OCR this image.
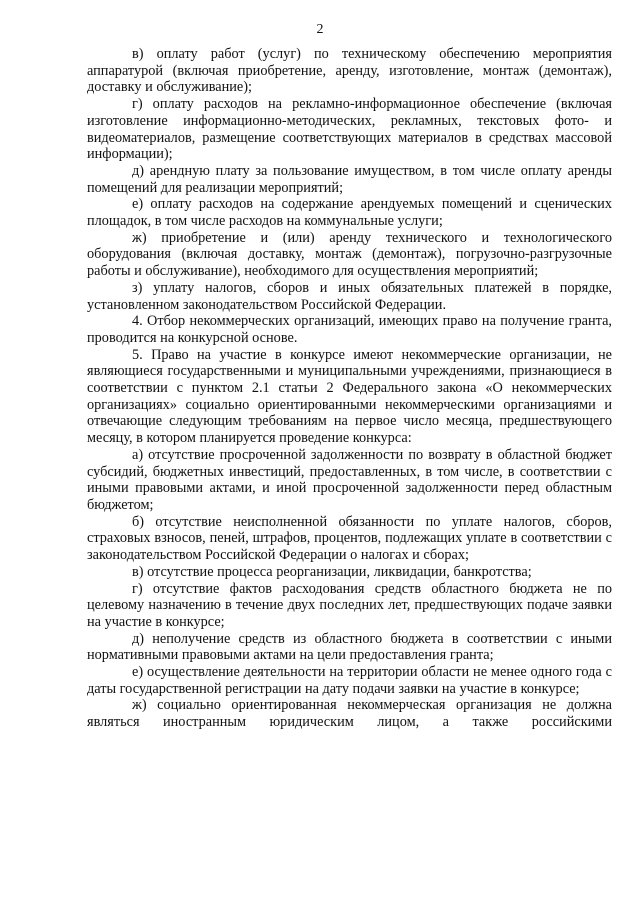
2

в) оплату работ (услуг) по техническому обеспечению мероприятия аппаратурой (включая приобретение, аренду, изготовление, монтаж (демонтаж), доставку и обслуживание);

г) оплату расходов на рекламно-информационное обеспечение (включая изготовление информационно-методических, рекламных, текстовых фото- и видеоматериалов, размещение соответствующих материалов в средствах массовой информации);

д) арендную плату за пользование имуществом, в том числе оплату аренды помещений для реализации мероприятий;

е) оплату расходов на содержание арендуемых помещений и сценических площадок, в том числе расходов на коммунальные услуги;

ж) приобретение и (или) аренду технического и технологического оборудования (включая доставку, монтаж (демонтаж), погрузочно-разгрузочные работы и обслуживание), необходимого для осуществления мероприятий;

з) уплату налогов, сборов и иных обязательных платежей в порядке, установленном законодательством Российской Федерации.

4. Отбор некоммерческих организаций, имеющих право на получение гранта, проводится на конкурсной основе.

5. Право на участие в конкурсе имеют некоммерческие организации, не являющиеся государственными и муниципальными учреждениями, признающиеся в соответствии с пунктом 2.1 статьи 2 Федерального закона «О некоммерческих организациях» социально ориентированными некоммерческими организациями и отвечающие следующим требованиям на первое число месяца, предшествующего месяцу, в котором планируется проведение конкурса:

а) отсутствие просроченной задолженности по возврату в областной бюджет субсидий, бюджетных инвестиций, предоставленных, в том числе, в соответствии с иными правовыми актами, и иной просроченной задолженности перед областным бюджетом;

б) отсутствие неисполненной обязанности по уплате налогов, сборов, страховых взносов, пеней, штрафов, процентов, подлежащих уплате в соответствии с законодательством Российской Федерации о налогах и сборах;

в) отсутствие процесса реорганизации, ликвидации, банкротства;

г) отсутствие фактов расходования средств областного бюджета не по целевому назначению в течение двух последних лет, предшествующих подаче заявки на участие в конкурсе;

д) неполучение средств из областного бюджета в соответствии с иными нормативными правовыми актами на цели предоставления гранта;

е) осуществление деятельности на территории области не менее одного года с даты государственной регистрации на дату подачи заявки на участие в конкурсе;

ж) социально ориентированная некоммерческая организация не должна являться иностранным юридическим лицом, а также российскими
